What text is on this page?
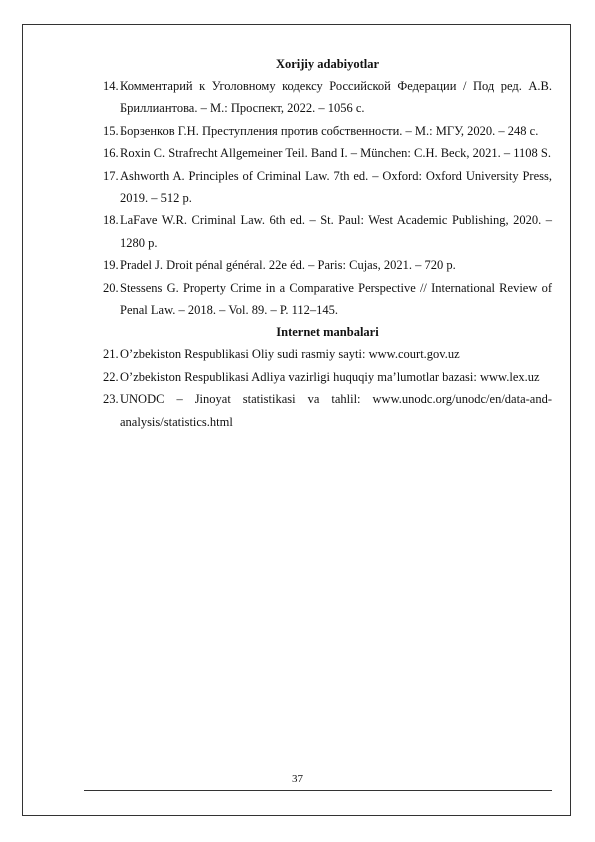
Xorijiy adabiyotlar
14. Комментарий к Уголовному кодексу Российской Федерации / Под ред. А.В. Бриллиантова. – М.: Проспект, 2022. – 1056 с.
15. Борзенков Г.Н. Преступления против собственности. – М.: МГУ, 2020. – 248 с.
16. Roxin C. Strafrecht Allgemeiner Teil. Band I. – München: C.H. Beck, 2021. – 1108 S.
17. Ashworth A. Principles of Criminal Law. 7th ed. – Oxford: Oxford University Press, 2019. – 512 p.
18. LaFave W.R. Criminal Law. 6th ed. – St. Paul: West Academic Publishing, 2020. – 1280 p.
19. Pradel J. Droit pénal général. 22e éd. – Paris: Cujas, 2021. – 720 p.
20. Stessens G. Property Crime in a Comparative Perspective // International Review of Penal Law. – 2018. – Vol. 89. – P. 112–145.
Internet manbalari
21. O’zbekiston Respublikasi Oliy sudi rasmiy sayti: www.court.gov.uz
22. O’zbekiston Respublikasi Adliya vazirligi huquqiy ma’lumotlar bazasi: www.lex.uz
23. UNODC – Jinoyat statistikasi va tahlil: www.unodc.org/unodc/en/data-and-analysis/statistics.html
37
